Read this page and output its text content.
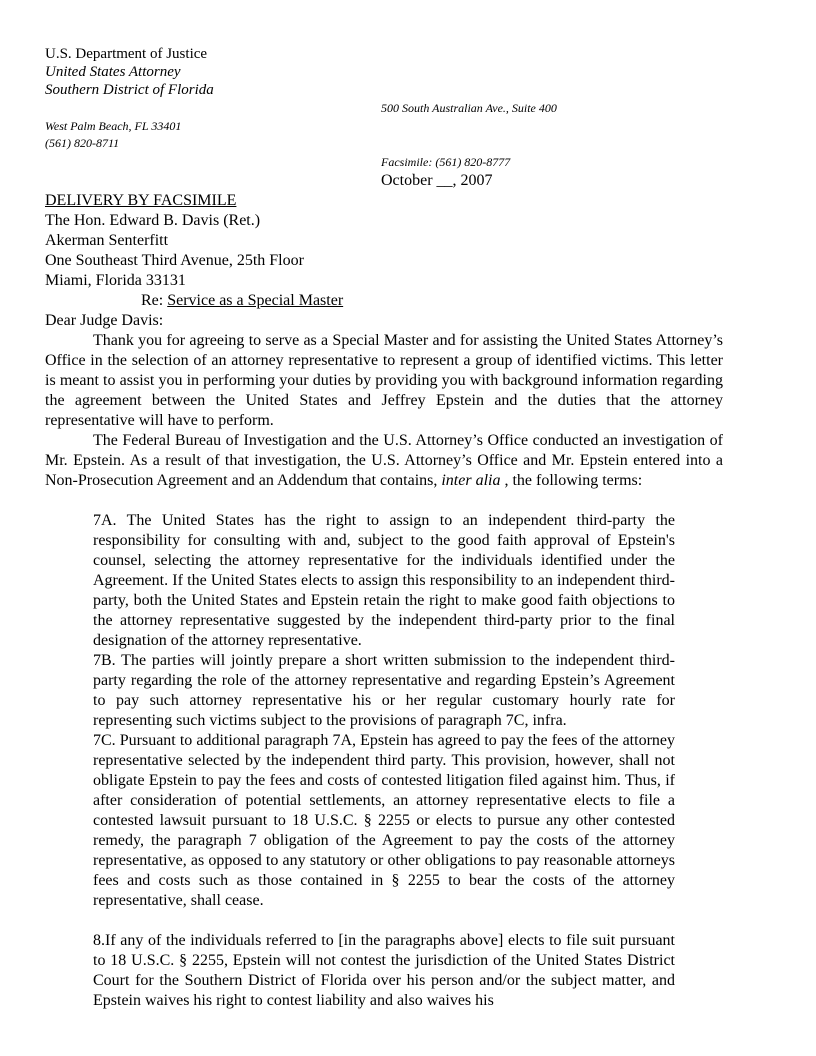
U.S. Department of Justice
United States Attorney
Southern District of Florida
500 South Australian Ave., Suite 400
West Palm Beach, FL 33401
(561) 820-8711
Facsimile: (561) 820-8777
October __, 2007
DELIVERY BY FACSIMILE
The Hon. Edward B. Davis (Ret.)
Akerman Senterfitt
One Southeast Third Avenue, 25th Floor
Miami, Florida 33131
Re: Service as a Special Master
Dear Judge Davis:
Thank you for agreeing to serve as a Special Master and for assisting the United States Attorney’s Office in the selection of an attorney representative to represent a group of identified victims. This letter is meant to assist you in performing your duties by providing you with background information regarding the agreement between the United States and Jeffrey Epstein and the duties that the attorney representative will have to perform.
The Federal Bureau of Investigation and the U.S. Attorney’s Office conducted an investigation of Mr. Epstein. As a result of that investigation, the U.S. Attorney’s Office and Mr. Epstein entered into a Non-Prosecution Agreement and an Addendum that contains, inter alia , the following terms:
7A. The United States has the right to assign to an independent third-party the responsibility for consulting with and, subject to the good faith approval of Epstein's counsel, selecting the attorney representative for the individuals identified under the Agreement. If the United States elects to assign this responsibility to an independent third-party, both the United States and Epstein retain the right to make good faith objections to the attorney representative suggested by the independent third-party prior to the final designation of the attorney representative.
7B. The parties will jointly prepare a short written submission to the independent third-party regarding the role of the attorney representative and regarding Epstein’s Agreement to pay such attorney representative his or her regular customary hourly rate for representing such victims subject to the provisions of paragraph 7C, infra.
7C. Pursuant to additional paragraph 7A, Epstein has agreed to pay the fees of the attorney representative selected by the independent third party. This provision, however, shall not obligate Epstein to pay the fees and costs of contested litigation filed against him. Thus, if after consideration of potential settlements, an attorney representative elects to file a contested lawsuit pursuant to 18 U.S.C. § 2255 or elects to pursue any other contested remedy, the paragraph 7 obligation of the Agreement to pay the costs of the attorney representative, as opposed to any statutory or other obligations to pay reasonable attorneys fees and costs such as those contained in § 2255 to bear the costs of the attorney representative, shall cease.
8.If any of the individuals referred to [in the paragraphs above] elects to file suit pursuant to 18 U.S.C. § 2255, Epstein will not contest the jurisdiction of the United States District Court for the Southern District of Florida over his person and/or the subject matter, and Epstein waives his right to contest liability and also waives his
